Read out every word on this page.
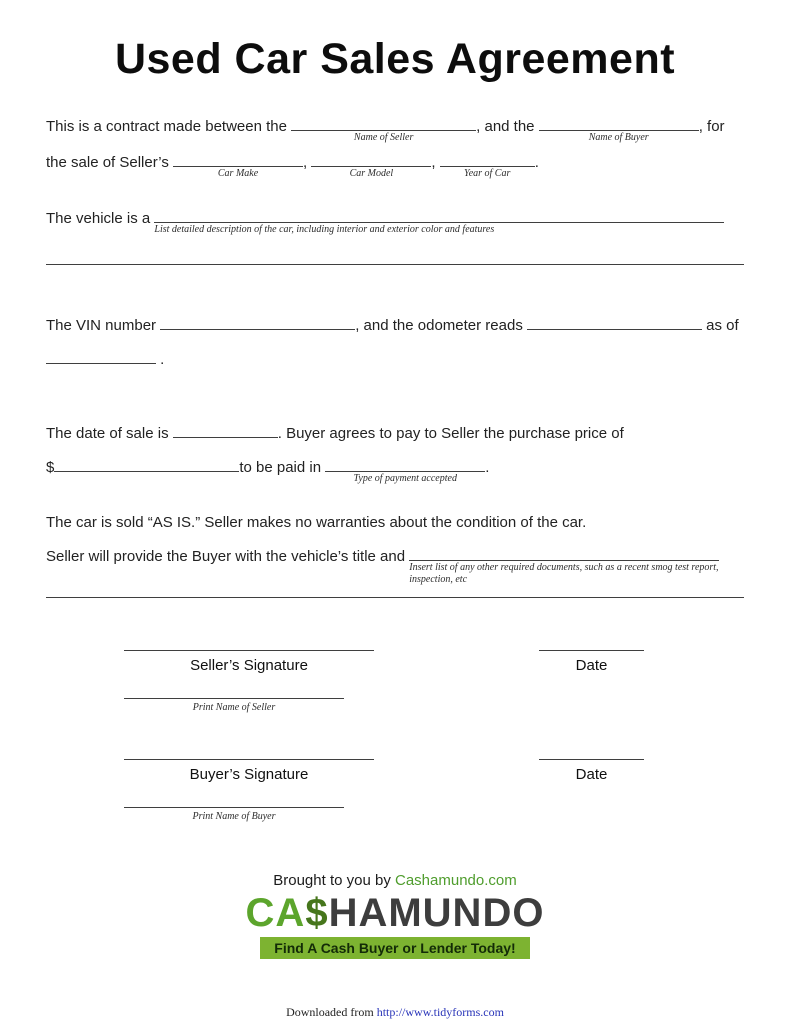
Used Car Sales Agreement

This is a contract made between the
Name of Seller
, and the
Name of Buyer
, for
the sale of Seller’s
Car Make
,
Car Model
,
Year of Car
.

The vehicle is a
List detailed description of the car, including interior and exterior color and features

The VIN number	, and the odometer reads	as of
.

The date of sale is	. Buyer agrees to pay to Seller the purchase price of
$	to be paid in
Type of payment accepted
.

The car is sold “AS IS.” Seller makes no warranties about the condition of the car.

Seller will provide the Buyer with the vehicle’s title and
Insert list of any other required documents, such as a recent smog test report, inspection, etc

Seller’s Signature	Date
Print Name of Seller
Buyer’s Signature	Date
Print Name of Buyer
Brought to you by Cashamundo.com
CA$HAMUNDO
Find A Cash Buyer or Lender Today!
Downloaded from http://www.tidyforms.com
